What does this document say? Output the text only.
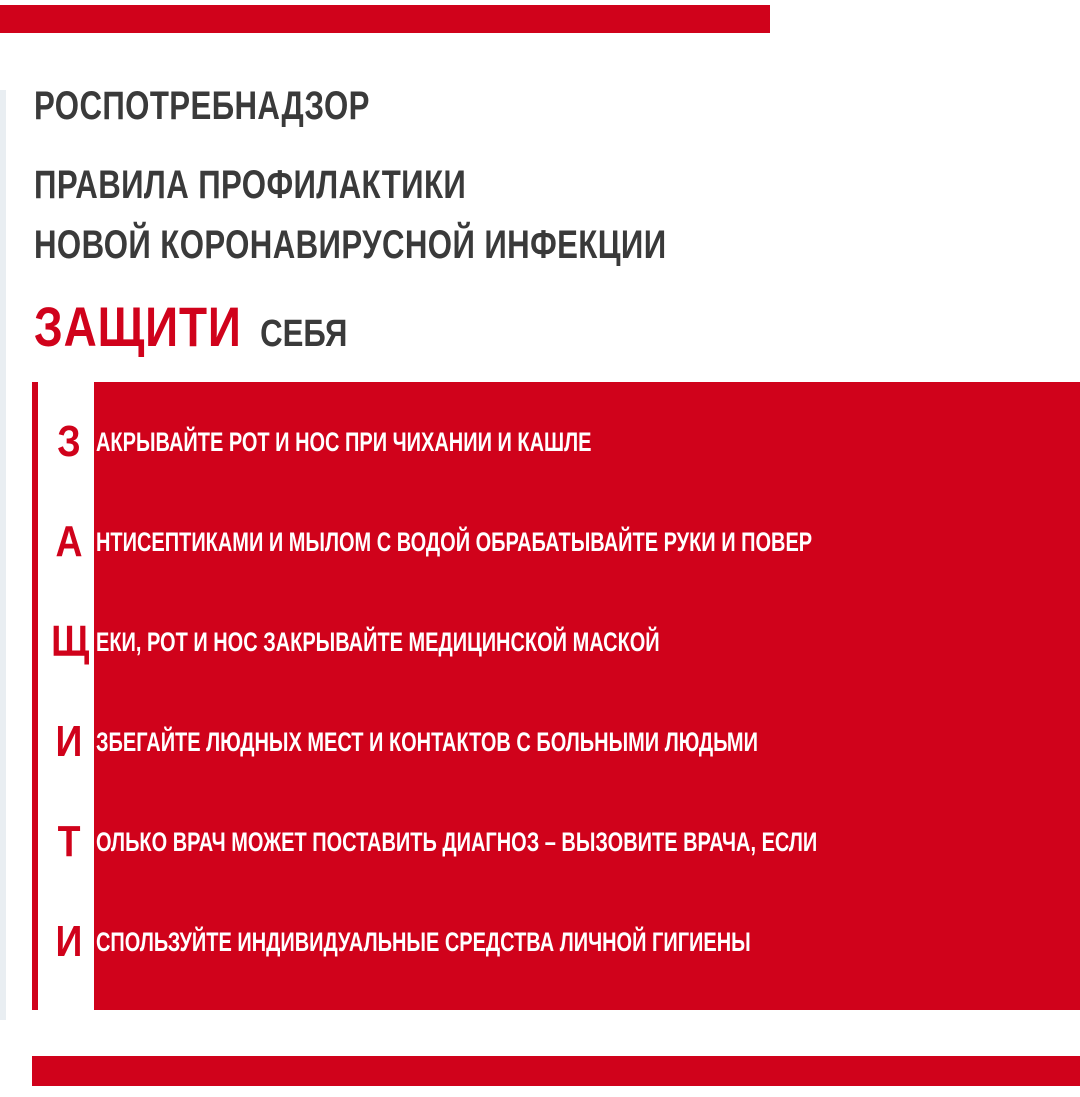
РОСПОТРЕБНАДЗОР
ПРАВИЛА ПРОФИЛАКТИКИ
НОВОЙ КОРОНАВИРУСНОЙ ИНФЕКЦИИ
ЗАЩИТИ СЕБЯ
З АКРЫВАЙТЕ РОТ И НОС ПРИ ЧИХАНИИ И КАШЛЕ
А НТИСЕПТИКАМИ И МЫЛОМ С ВОДОЙ ОБРАБАТЫВАЙТЕ РУКИ И ПОВЕР
Щ ЕКИ, РОТ И НОС ЗАКРЫВАЙТЕ МЕДИЦИНСКОЙ МАСКОЙ
И ЗБЕГАЙТЕ ЛЮДНЫХ МЕСТ И КОНТАКТОВ С БОЛЬНЫМИ ЛЮДЬМИ
Т ОЛЬКО ВРАЧ МОЖЕТ ПОСТАВИТЬ ДИАГНОЗ – ВЫЗОВИТЕ ВРАЧА, ЕСЛИ
И СПОЛЬЗУЙТЕ ИНДИВИДУАЛЬНЫЕ СРЕДСТВА ЛИЧНОЙ ГИГИЕНЫ
